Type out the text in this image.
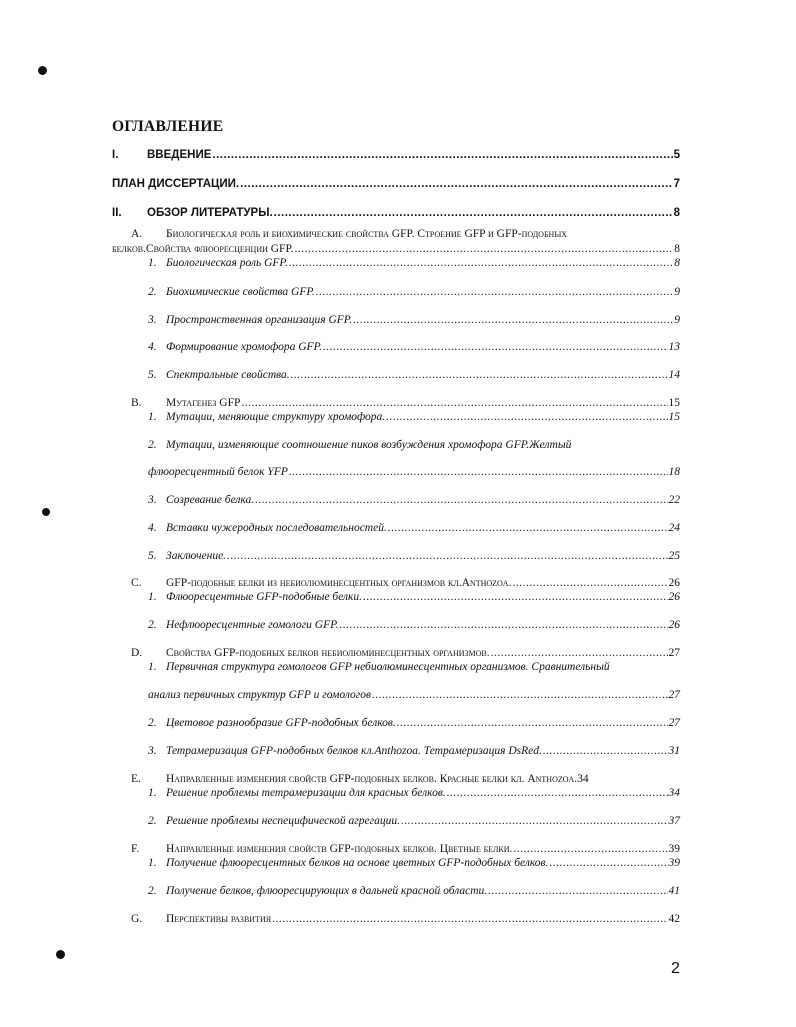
ОГЛАВЛЕНИЕ
I. ВВЕДЕНИЕ .....	5
ПЛАН ДИССЕРТАЦИИ. .....	7
II. ОБЗОР ЛИТЕРАТУРЫ. .....	8
A. Биологическая роль и биохимические свойства GFP. Строение GFP и GFP-подобных
белков.Свойства флюоресценции GFP. .....	8
1. Биологическая роль GFP. .....	8
2. Биохимические свойства GFP. .....	9
3. Пространственная организация GFP. .....	9
4. Формирование хромофора GFP. .....	13
5. Спектральные свойства. .....	14
B. Мутагенез GFP .....	15
1. Мутации, меняющие структуру хромофора. .....	15
2. Мутации, изменяющие соотношение пиков возбуждения хромофора GFP.Желтый
флюоресцентный белок YFP .....	18
3. Созревание белка. .....	22
4. Вставки чужеродных последовательностей. .....	24
5. Заключение. .....	25
C. GFP-подобные белки из небиолюминесцентных организмов кл.Anthozoa. .....	26
1. Флюоресцентные GFP-подобные белки. .....	26
2. Нефлюоресцентные гомологи GFP. .....	26
D. Свойства GFP-подобных белков небиолюминесцентных организмов. .....	27
1. Первичная структура гомологов GFP небиолюминесцентных организмов. Сравнительный
анализ первичных структур GFP и гомологов .....	27
2. Цветовое разнообразие GFP-подобных белков. .....	27
3. Тетрамеризация GFP-подобных белков кл.Anthozoa. Тетрамеризация DsRed. .....	31
E. Направленные изменения свойств GFP-подобных белков. Красные белки кл. Anthozoa. 34
1. Решение проблемы тетрамеризации для красных белков. .....	34
2. Решение проблемы неспецифической агрегации. .....	37
F. Направленные изменения свойств GFP-подобных белков. Цветные белки. .....	39
1. Получение флюоресцентных белков на основе цветных GFP-подобных белков. .....	39
2. Получение белков, флюоресцирующих в дальней красной области. .....	41
G. Перспективы развития .....	42
2
